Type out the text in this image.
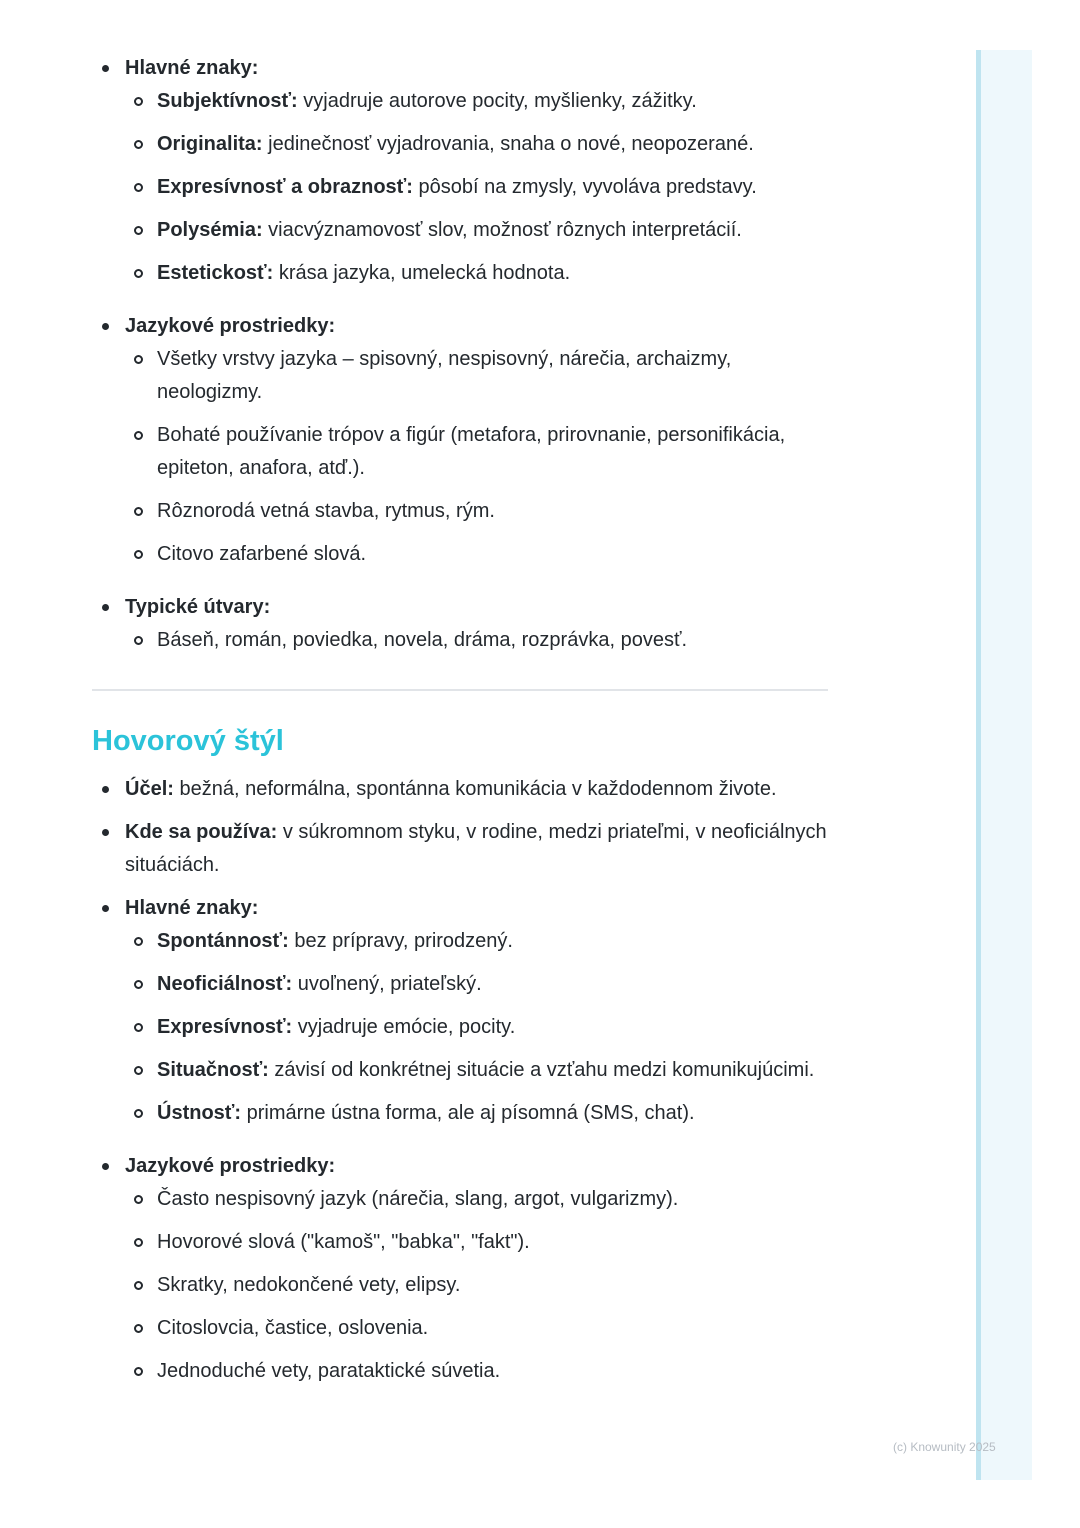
Hlavné znaky:
Subjektívnosť: vyjadruje autorove pocity, myšlienky, zážitky.
Originalita: jedinečnosť vyjadrovania, snaha o nové, neopozerané.
Expresívnosť a obraznosť: pôsobí na zmysly, vyvoláva predstavy.
Polysémia: viacvýznamovosť slov, možnosť rôznych interpretácií.
Estetickosť: krása jazyka, umelecká hodnota.
Jazykové prostriedky:
Všetky vrstvy jazyka – spisovný, nespisovný, nárečia, archaizmy, neologizmy.
Bohaté používanie trópov a figúr (metafora, prirovnanie, personifikácia, epiteton, anafora, atď.).
Rôznorodá vetná stavba, rytmus, rým.
Citovo zafarbené slová.
Typické útvary:
Báseň, román, poviedka, novela, dráma, rozprávka, povesť.
Hovorový štýl
Účel: bežná, neformálna, spontánna komunikácia v každodennom živote.
Kde sa používa: v súkromnom styku, v rodine, medzi priateľmi, v neoficiálnych situáciách.
Hlavné znaky:
Spontánnosť: bez prípravy, prirodzený.
Neoficiálnosť: uvoľnený, priateľský.
Expresívnosť: vyjadruje emócie, pocity.
Situačnosť: závisí od konkrétnej situácie a vzťahu medzi komunikujúcimi.
Ústnosť: primárne ústna forma, ale aj písomná (SMS, chat).
Jazykové prostriedky:
Často nespisovný jazyk (nárečia, slang, argot, vulgarizmy).
Hovorové slová ("kamoš", "babka", "fakt").
Skratky, nedokončené vety, elipsy.
Citoslovcia, častice, oslovenia.
Jednoduché vety, parataktické súvetia.
(c) Knowunity 2025
